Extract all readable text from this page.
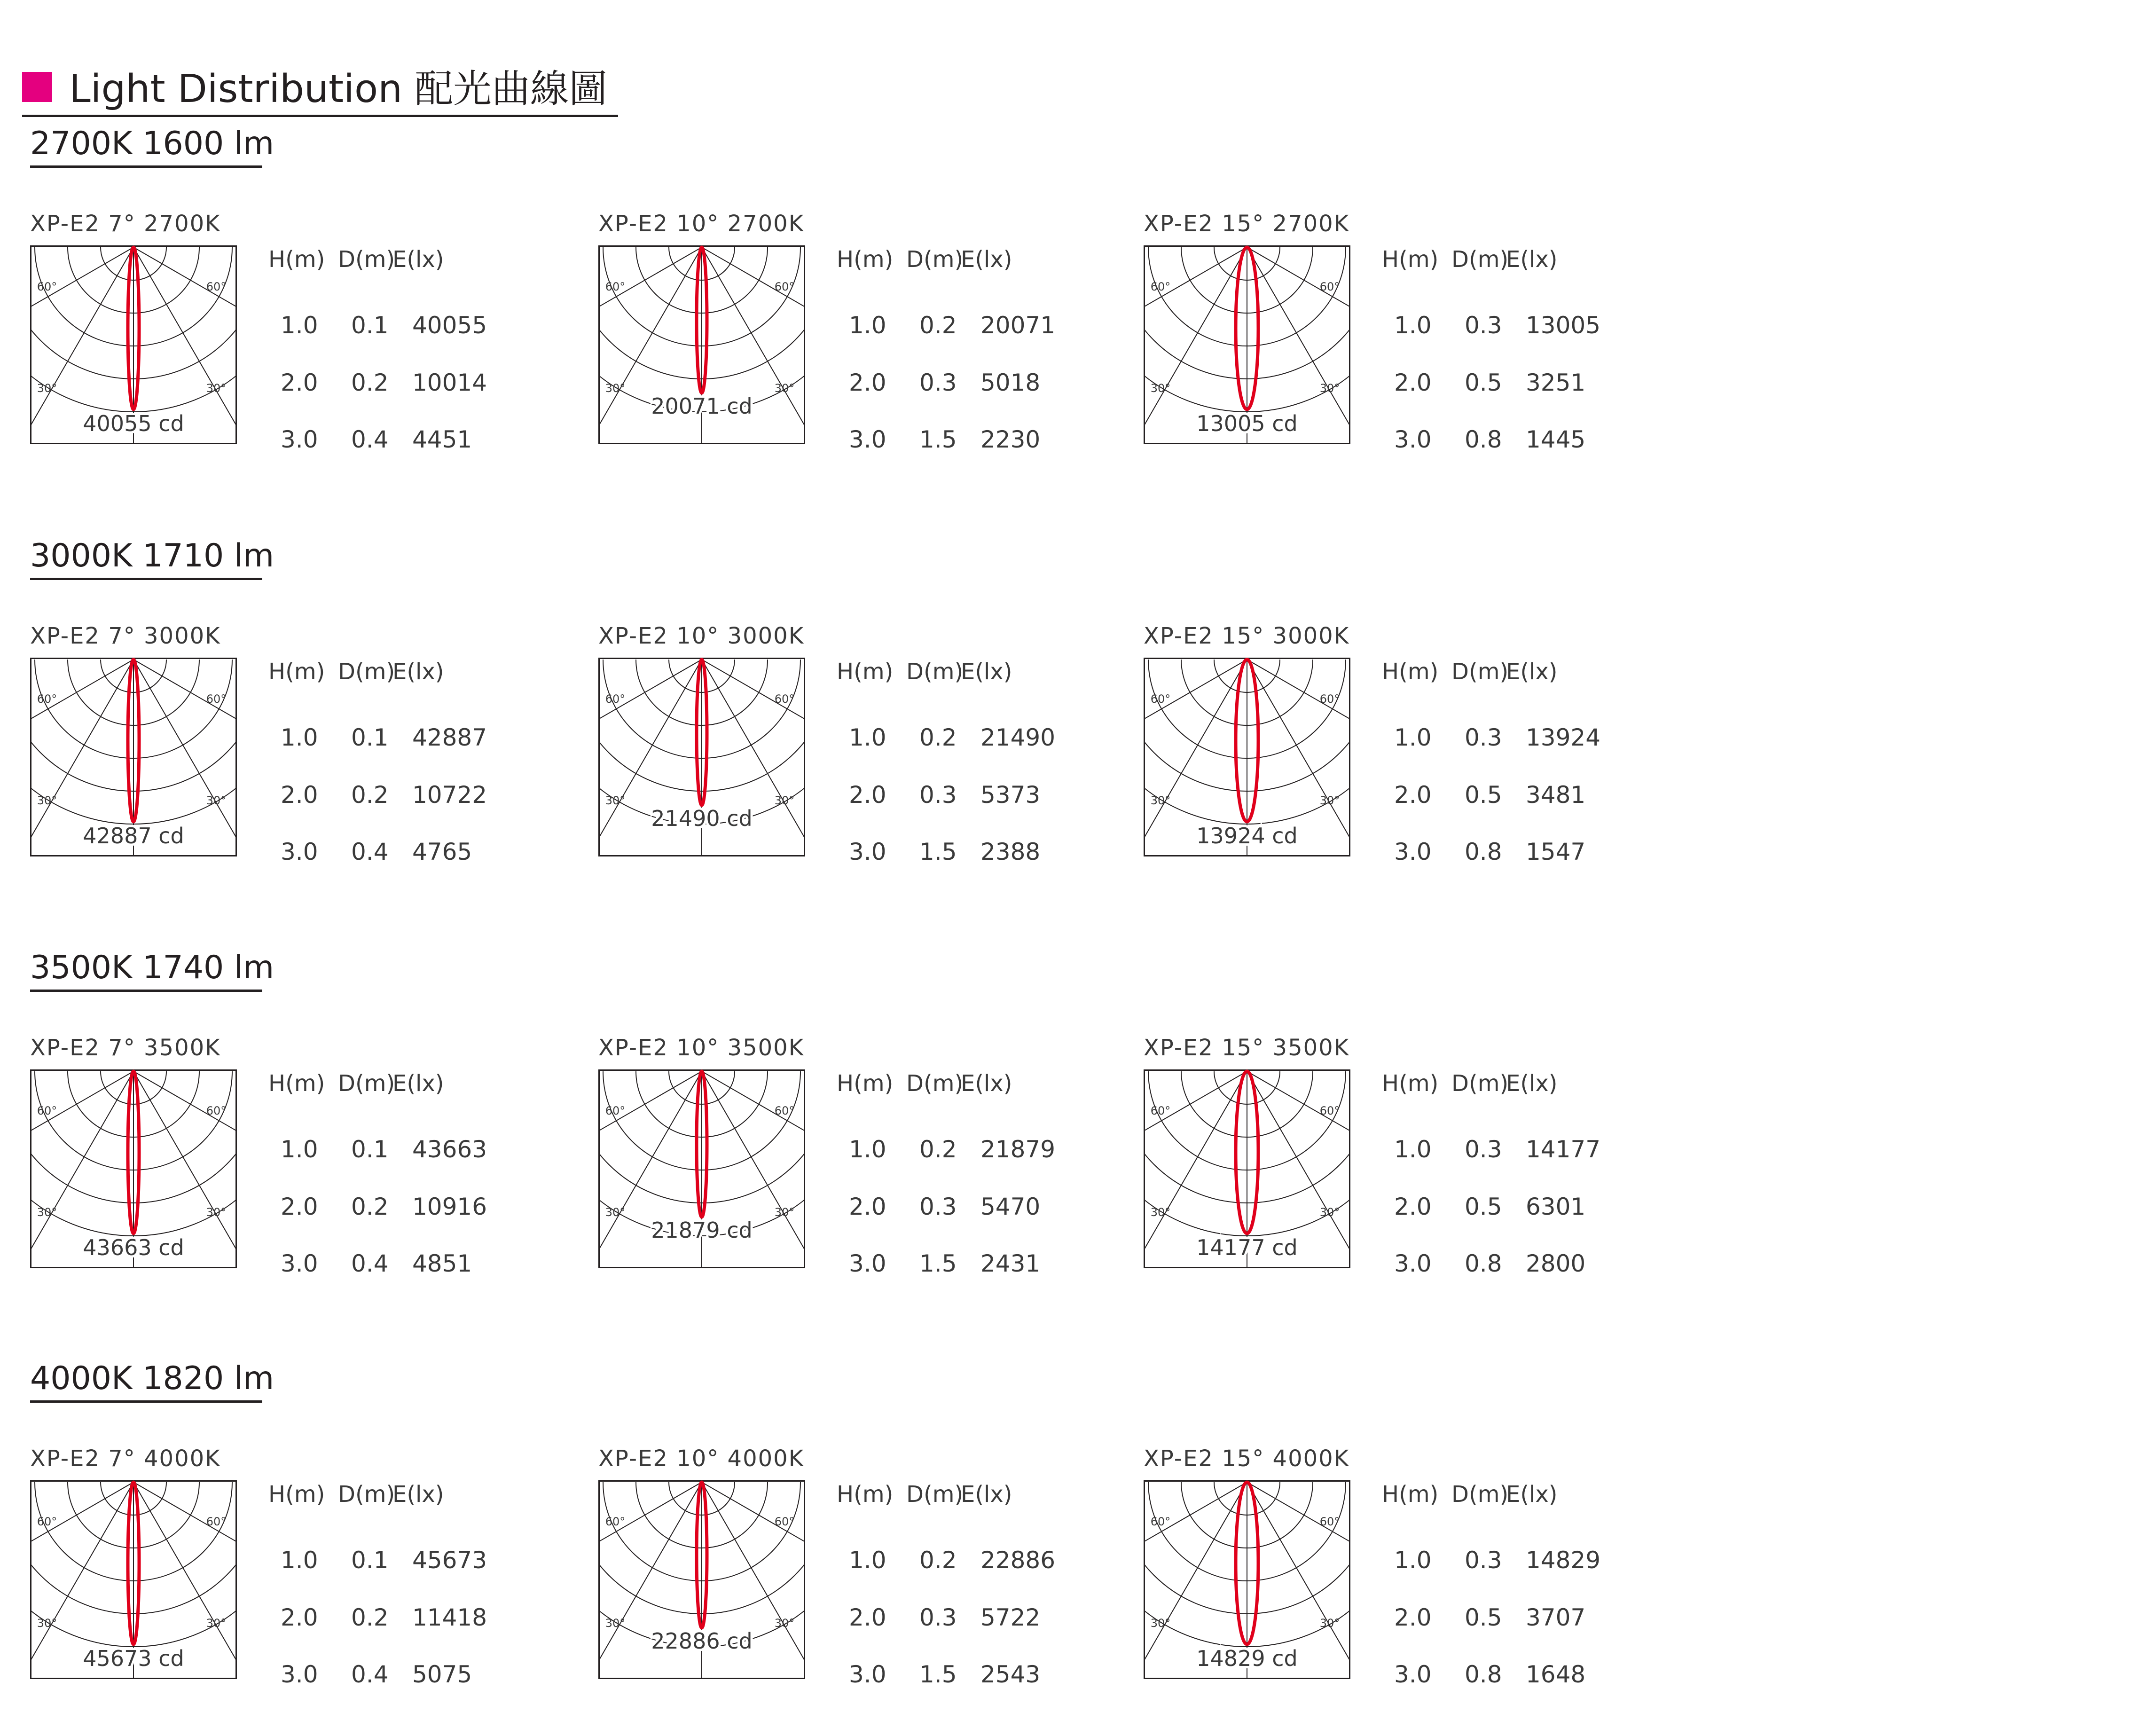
Light Distribution 配光曲線圖
2700K 1600 lm
XP-E2 7° 2700K
60°	60°
30°	30°
40055 cd
H(m) D(m)
E(lx)
1.0 0.1 40055
2.0 0.2 10014
3.0 0.4 4451
XP-E2 10° 2700K
60°	60°
30°	30°
20071 cd
H(m) D(m)
E(lx)
1.0 0.2 20071
2.0 0.3 5018
3.0 1.5 2230
XP-E2 15° 2700K
60°	60°
30°	30°
13005 cd
H(m) D(m)
E(lx)
1.0 0.3 13005
2.0 0.5 3251
3.0 0.8 1445
3000K 1710 lm
XP-E2 7° 3000K
60°	60°
30°	30°
42887 cd
H(m) D(m)
E(lx)
1.0 0.1 42887
2.0 0.2 10722
3.0 0.4 4765
XP-E2 10° 3000K
60°	60°
30°	30°
21490 cd
H(m) D(m)
E(lx)
1.0 0.2 21490
2.0 0.3 5373
3.0 1.5 2388
XP-E2 15° 3000K
60°	60°
30°	30°
13924 cd
H(m) D(m)
E(lx)
1.0 0.3 13924
2.0 0.5 3481
3.0 0.8 1547
3500K 1740 lm
XP-E2 7° 3500K
60°	60°
30°	30°
43663 cd
H(m) D(m)
E(lx)
1.0 0.1 43663
2.0 0.2 10916
3.0 0.4 4851
XP-E2 10° 3500K
60°	60°
30°	30°
21879 cd
H(m) D(m)
E(lx)
1.0 0.2 21879
2.0 0.3 5470
3.0 1.5 2431
XP-E2 15° 3500K
60°	60°
30°	30°
14177 cd
H(m) D(m)
E(lx)
1.0 0.3 14177
2.0 0.5 6301
3.0 0.8 2800
4000K 1820 lm
XP-E2 7° 4000K
60°	60°
30°	30°
45673 cd
H(m) D(m)
E(lx)
1.0 0.1 45673
2.0 0.2 11418
3.0 0.4 5075
XP-E2 10° 4000K
60°	60°
30°	30°
22886 cd
H(m) D(m)
E(lx)
1.0 0.2 22886
2.0 0.3 5722
3.0 1.5 2543
XP-E2 15° 4000K
60°	60°
30°	30°
14829 cd
H(m) D(m)
E(lx)
1.0 0.3 14829
2.0 0.5 3707
3.0 0.8 1648
